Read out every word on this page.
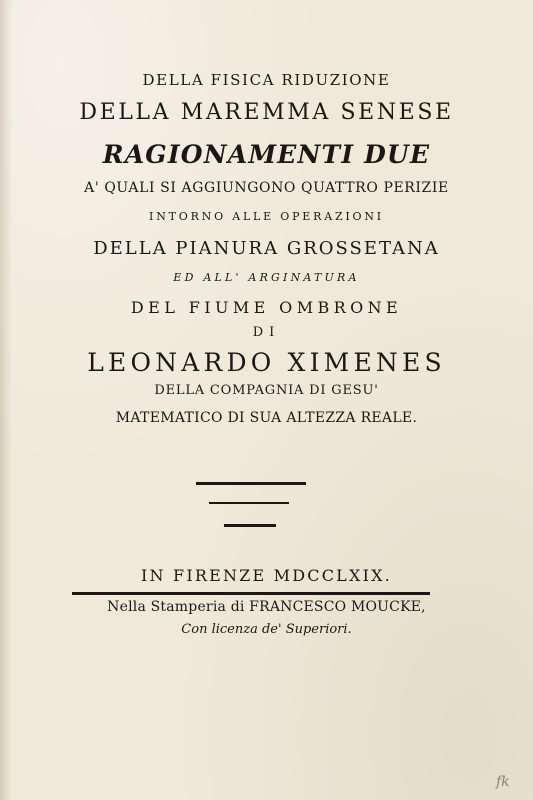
DELLA FISICA RIDUZIONE
DELLA MAREMMA SENESE
RAGIONAMENTI DUE
A' QUALI SI AGGIUNGONO QUATTRO PERIZIE
INTORNO ALLE OPERAZIONI
DELLA PIANURA GROSSETANA
ED ALL' ARGINATURA
DEL FIUME OMBRONE
DI
LEONARDO XIMENES
DELLA COMPAGNIA DI GESU'
MATEMATICO DI SUA ALTEZZA REALE.
IN FIRENZE MDCCLXIX.
Nella Stamperia di FRANCESCO MOUCKE,
Con licenza de' Superiori.
fk
